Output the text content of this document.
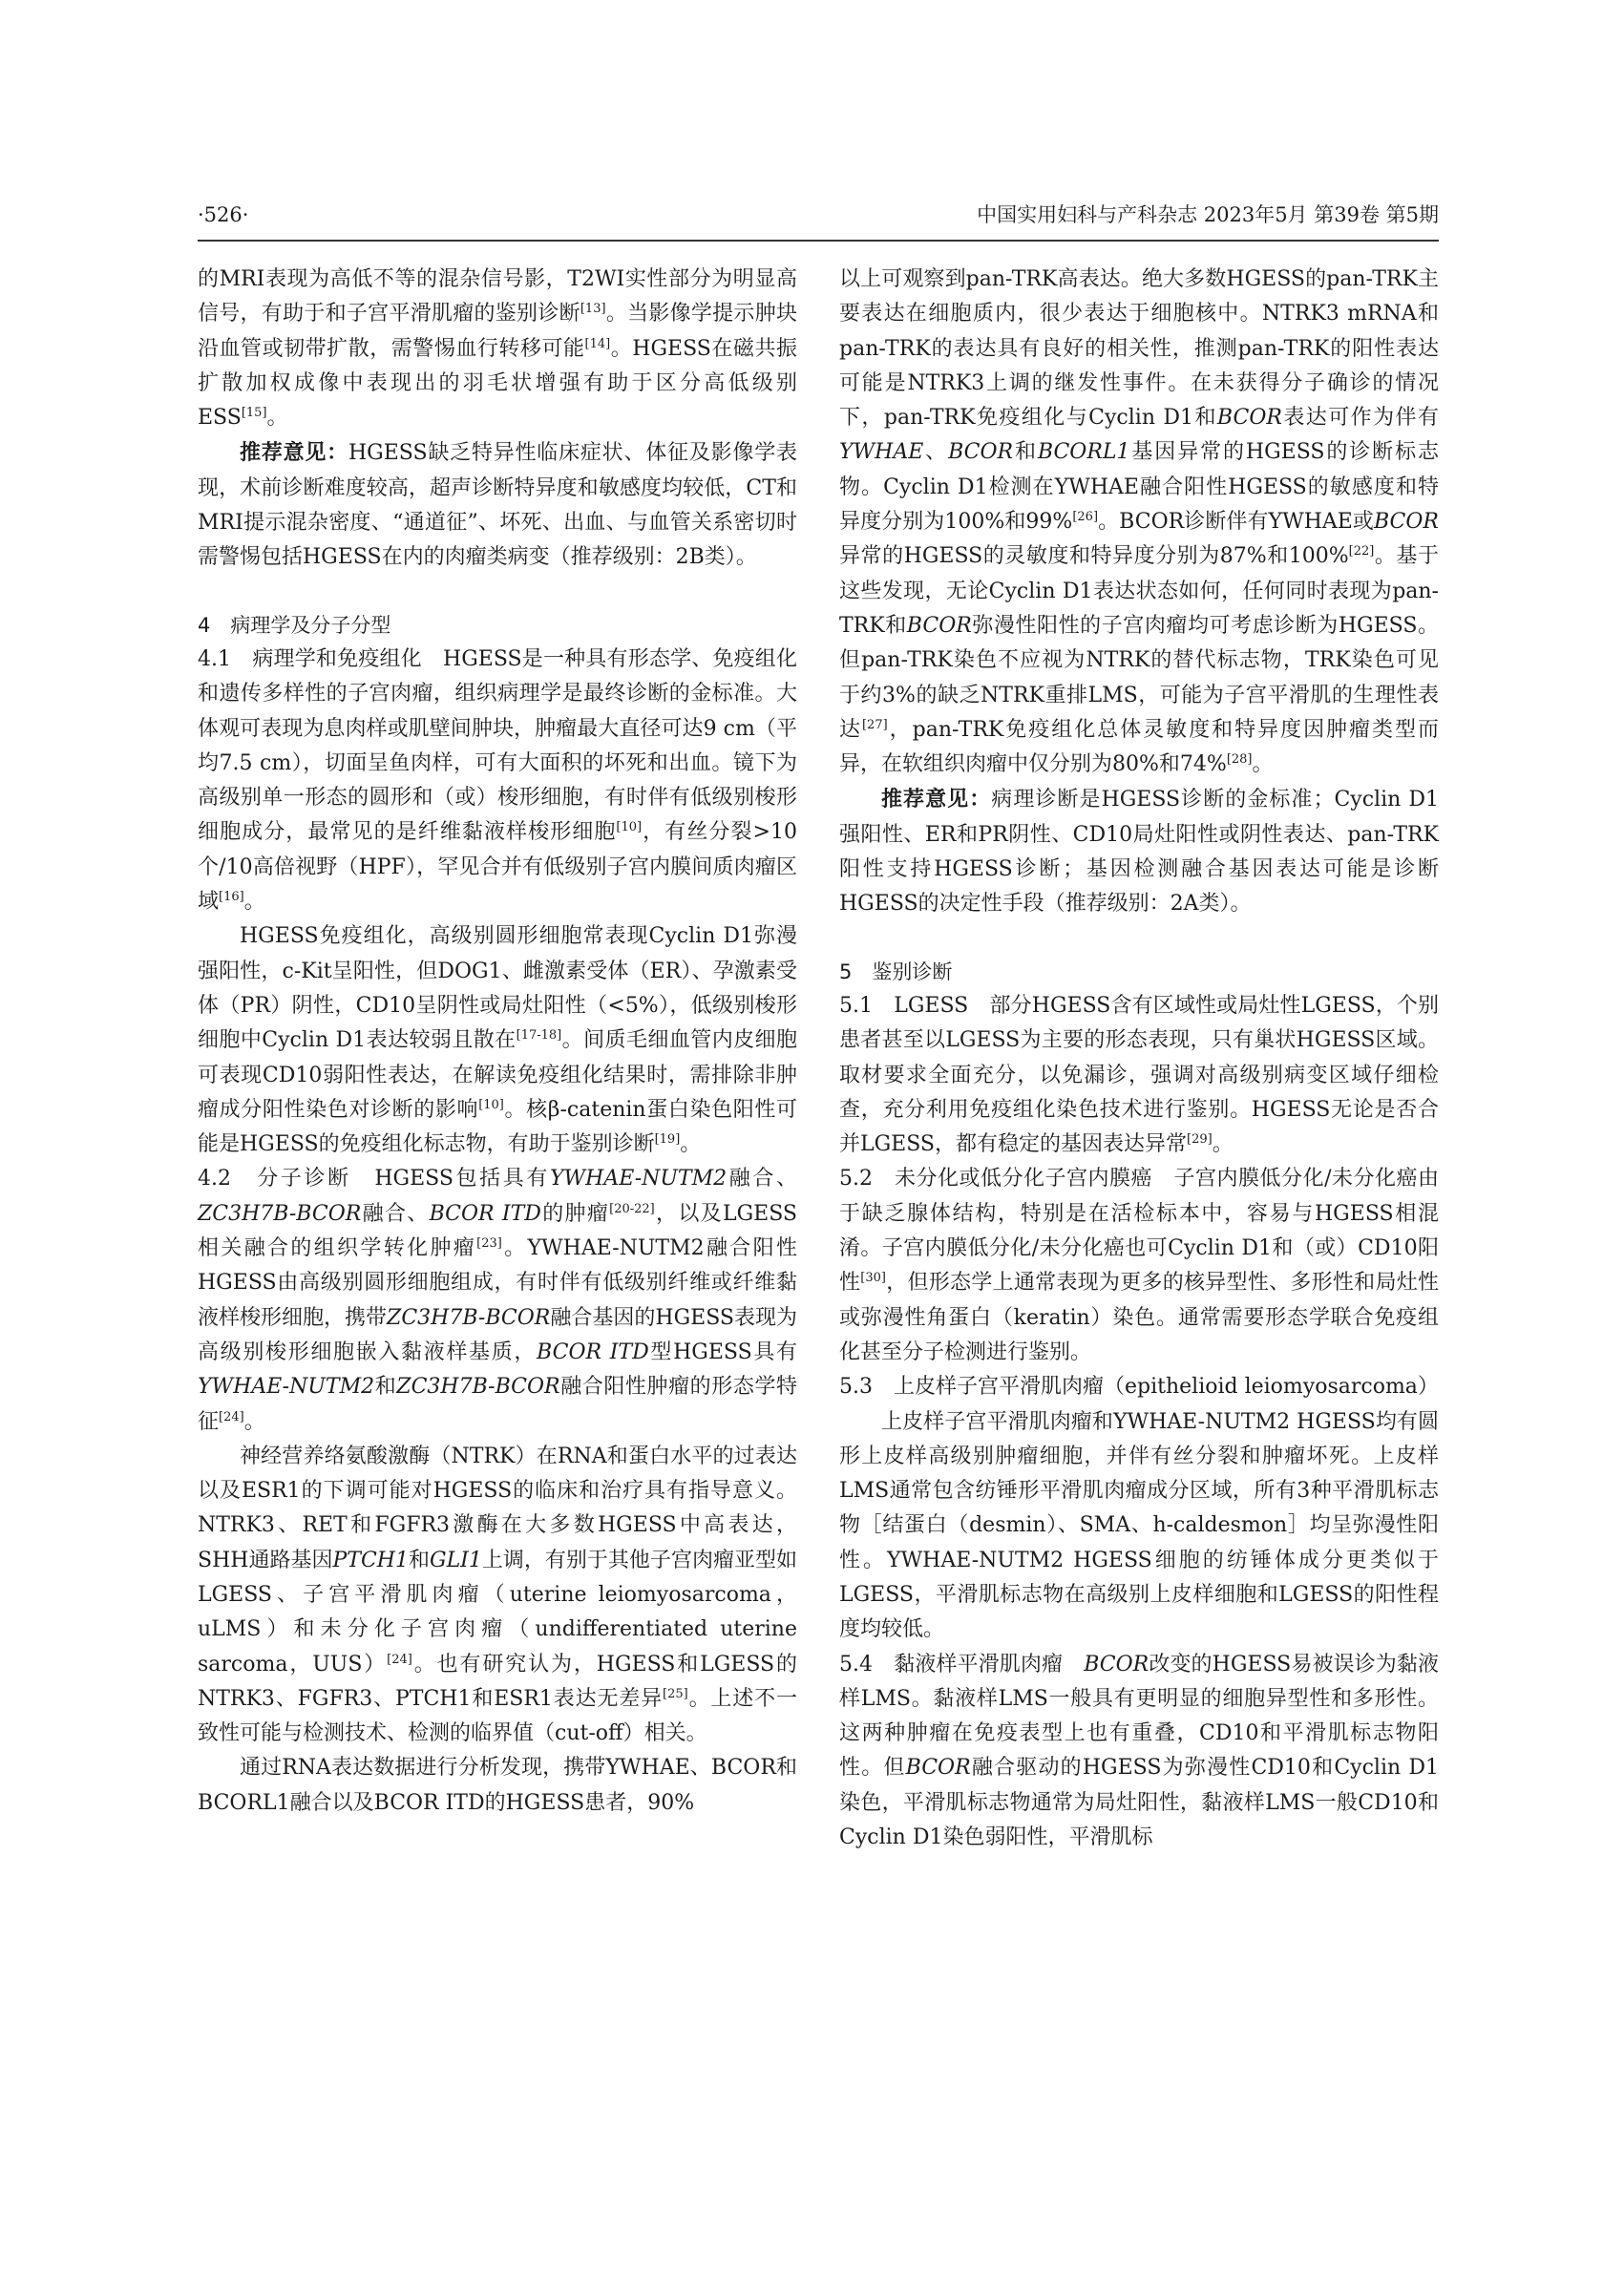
·526·	中国实用妇科与产科杂志 2023年5月 第39卷 第5期

的MRI表现为高低不等的混杂信号影，T2WI实性部分为明显高信号，有助于和子宫平滑肌瘤的鉴别诊断[13]。当影像学提示肿块沿血管或韧带扩散，需警惕血行转移可能[14]。HGESS在磁共振扩散加权成像中表现出的羽毛状增强有助于区分高低级别ESS[15]。

推荐意见：HGESS缺乏特异性临床症状、体征及影像学表现，术前诊断难度较高，超声诊断特异度和敏感度均较低，CT和MRI提示混杂密度、“通道征”、坏死、出血、与血管关系密切时需警惕包括HGESS在内的肉瘤类病变（推荐级别：2B类）。

4　病理学及分子分型

4.1　病理学和免疫组化　HGESS是一种具有形态学、免疫组化和遗传多样性的子宫肉瘤，组织病理学是最终诊断的金标准。大体观可表现为息肉样或肌壁间肿块，肿瘤最大直径可达9 cm（平均7.5 cm），切面呈鱼肉样，可有大面积的坏死和出血。镜下为高级别单一形态的圆形和（或）梭形细胞，有时伴有低级别梭形细胞成分，最常见的是纤维黏液样梭形细胞[10]，有丝分裂>10个/10高倍视野（HPF），罕见合并有低级别子宫内膜间质肉瘤区域[16]。

HGESS免疫组化，高级别圆形细胞常表现Cyclin D1弥漫强阳性，c-Kit呈阳性，但DOG1、雌激素受体（ER）、孕激素受体（PR）阴性，CD10呈阴性或局灶阳性（<5%），低级别梭形细胞中Cyclin D1表达较弱且散在[17-18]。间质毛细血管内皮细胞可表现CD10弱阳性表达，在解读免疫组化结果时，需排除非肿瘤成分阳性染色对诊断的影响[10]。核β-catenin蛋白染色阳性可能是HGESS的免疫组化标志物，有助于鉴别诊断[19]。

4.2　分子诊断　HGESS包括具有YWHAE-NUTM2融合、ZC3H7B-BCOR融合、BCOR ITD的肿瘤[20-22]，以及LGESS相关融合的组织学转化肿瘤[23]。YWHAE-NUTM2融合阳性HGESS由高级别圆形细胞组成，有时伴有低级别纤维或纤维黏液样梭形细胞，携带ZC3H7B-BCOR融合基因的HGESS表现为高级别梭形细胞嵌入黏液样基质，BCOR ITD型HGESS具有YWHAE-NUTM2和ZC3H7B-BCOR融合阳性肿瘤的形态学特征[24]。

神经营养络氨酸激酶（NTRK）在RNA和蛋白水平的过表达以及ESR1的下调可能对HGESS的临床和治疗具有指导意义。NTRK3、RET和FGFR3激酶在大多数HGESS中高表达，SHH通路基因PTCH1和GLI1上调，有别于其他子宫肉瘤亚型如LGESS、子宫平滑肌肉瘤（uterine leiomyosarcoma，uLMS）和未分化子宫肉瘤（undifferentiated uterine sarcoma，UUS）[24]。也有研究认为，HGESS和LGESS的NTRK3、FGFR3、PTCH1和ESR1表达无差异[25]。上述不一致性可能与检测技术、检测的临界值（cut-off）相关。

通过RNA表达数据进行分析发现，携带YWHAE、BCOR和BCORL1融合以及BCOR ITD的HGESS患者，90%

以上可观察到pan-TRK高表达。绝大多数HGESS的pan-TRK主要表达在细胞质内，很少表达于细胞核中。NTRK3 mRNA和pan-TRK的表达具有良好的相关性，推测pan-TRK的阳性表达可能是NTRK3上调的继发性事件。在未获得分子确诊的情况下，pan-TRK免疫组化与Cyclin D1和BCOR表达可作为伴有YWHAE、BCOR和BCORL1基因异常的HGESS的诊断标志物。Cyclin D1检测在YWHAE融合阳性HGESS的敏感度和特异度分别为100%和99%[26]。BCOR诊断伴有YWHAE或BCOR异常的HGESS的灵敏度和特异度分别为87%和100%[22]。基于这些发现，无论Cyclin D1表达状态如何，任何同时表现为pan-TRK和BCOR弥漫性阳性的子宫肉瘤均可考虑诊断为HGESS。但pan-TRK染色不应视为NTRK的替代标志物，TRK染色可见于约3%的缺乏NTRK重排LMS，可能为子宫平滑肌的生理性表达[27]，pan-TRK免疫组化总体灵敏度和特异度因肿瘤类型而异，在软组织肉瘤中仅分别为80%和74%[28]。

推荐意见：病理诊断是HGESS诊断的金标准；Cyclin D1强阳性、ER和PR阴性、CD10局灶阳性或阴性表达、pan-TRK阳性支持HGESS诊断；基因检测融合基因表达可能是诊断HGESS的决定性手段（推荐级别：2A类）。

5　鉴别诊断

5.1　LGESS　部分HGESS含有区域性或局灶性LGESS，个别患者甚至以LGESS为主要的形态表现，只有巢状HGESS区域。取材要求全面充分，以免漏诊，强调对高级别病变区域仔细检查，充分利用免疫组化染色技术进行鉴别。HGESS无论是否合并LGESS，都有稳定的基因表达异常[29]。

5.2　未分化或低分化子宫内膜癌　子宫内膜低分化/未分化癌由于缺乏腺体结构，特别是在活检标本中，容易与HGESS相混淆。子宫内膜低分化/未分化癌也可Cyclin D1和（或）CD10阳性[30]，但形态学上通常表现为更多的核异型性、多形性和局灶性或弥漫性角蛋白（keratin）染色。通常需要形态学联合免疫组化甚至分子检测进行鉴别。

5.3　上皮样子宫平滑肌肉瘤（epithelioid leiomyosarcoma）

上皮样子宫平滑肌肉瘤和YWHAE-NUTM2 HGESS均有圆形上皮样高级别肿瘤细胞，并伴有丝分裂和肿瘤坏死。上皮样LMS通常包含纺锤形平滑肌肉瘤成分区域，所有3种平滑肌标志物［结蛋白（desmin）、SMA、h-caldesmon］均呈弥漫性阳性。YWHAE-NUTM2 HGESS细胞的纺锤体成分更类似于LGESS，平滑肌标志物在高级别上皮样细胞和LGESS的阳性程度均较低。

5.4　黏液样平滑肌肉瘤　BCOR改变的HGESS易被误诊为黏液样LMS。黏液样LMS一般具有更明显的细胞异型性和多形性。这两种肿瘤在免疫表型上也有重叠，CD10和平滑肌标志物阳性。但BCOR融合驱动的HGESS为弥漫性CD10和Cyclin D1染色，平滑肌标志物通常为局灶阳性，黏液样LMS一般CD10和Cyclin D1染色弱阳性，平滑肌标
